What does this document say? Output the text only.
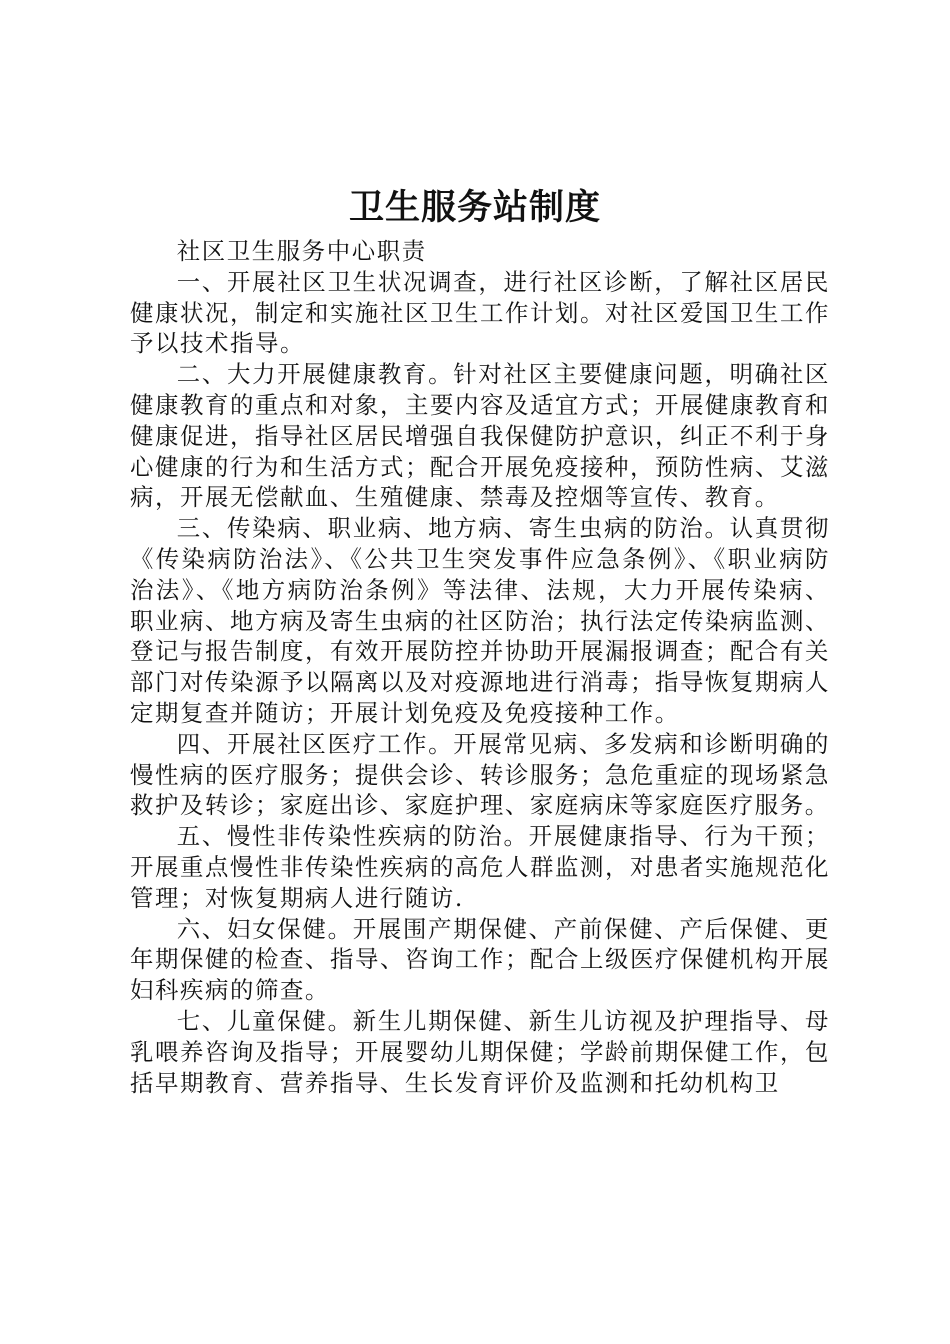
卫生服务站制度

社区卫生服务中心职责

一、开展社区卫生状况调查，进行社区诊断，了解社区居民健康状况，制定和实施社区卫生工作计划。对社区爱国卫生工作予以技术指导。

二、大力开展健康教育。针对社区主要健康问题，明确社区健康教育的重点和对象，主要内容及适宜方式；开展健康教育和健康促进，指导社区居民增强自我保健防护意识，纠正不利于身心健康的行为和生活方式；配合开展免疫接种，预防性病、艾滋病，开展无偿献血、生殖健康、禁毒及控烟等宣传、教育。

三、传染病、职业病、地方病、寄生虫病的防治。认真贯彻《传染病防治法》、《公共卫生突发事件应急条例》、《职业病防治法》、《地方病防治条例》等法律、法规，大力开展传染病、职业病、地方病及寄生虫病的社区防治；执行法定传染病监测、登记与报告制度，有效开展防控并协助开展漏报调查；配合有关部门对传染源予以隔离以及对疫源地进行消毒；指导恢复期病人定期复查并随访；开展计划免疫及免疫接种工作。

四、开展社区医疗工作。开展常见病、多发病和诊断明确的慢性病的医疗服务；提供会诊、转诊服务；急危重症的现场紧急救护及转诊；家庭出诊、家庭护理、家庭病床等家庭医疗服务。

五、慢性非传染性疾病的防治。开展健康指导、行为干预；开展重点慢性非传染性疾病的高危人群监测，对患者实施规范化管理；对恢复期病人进行随访.

六、妇女保健。开展围产期保健、产前保健、产后保健、更年期保健的检查、指导、咨询工作；配合上级医疗保健机构开展妇科疾病的筛查。

七、儿童保健。新生儿期保健、新生儿访视及护理指导、母乳喂养咨询及指导；开展婴幼儿期保健；学龄前期保健工作，包括早期教育、营养指导、生长发育评价及监测和托幼机构卫
